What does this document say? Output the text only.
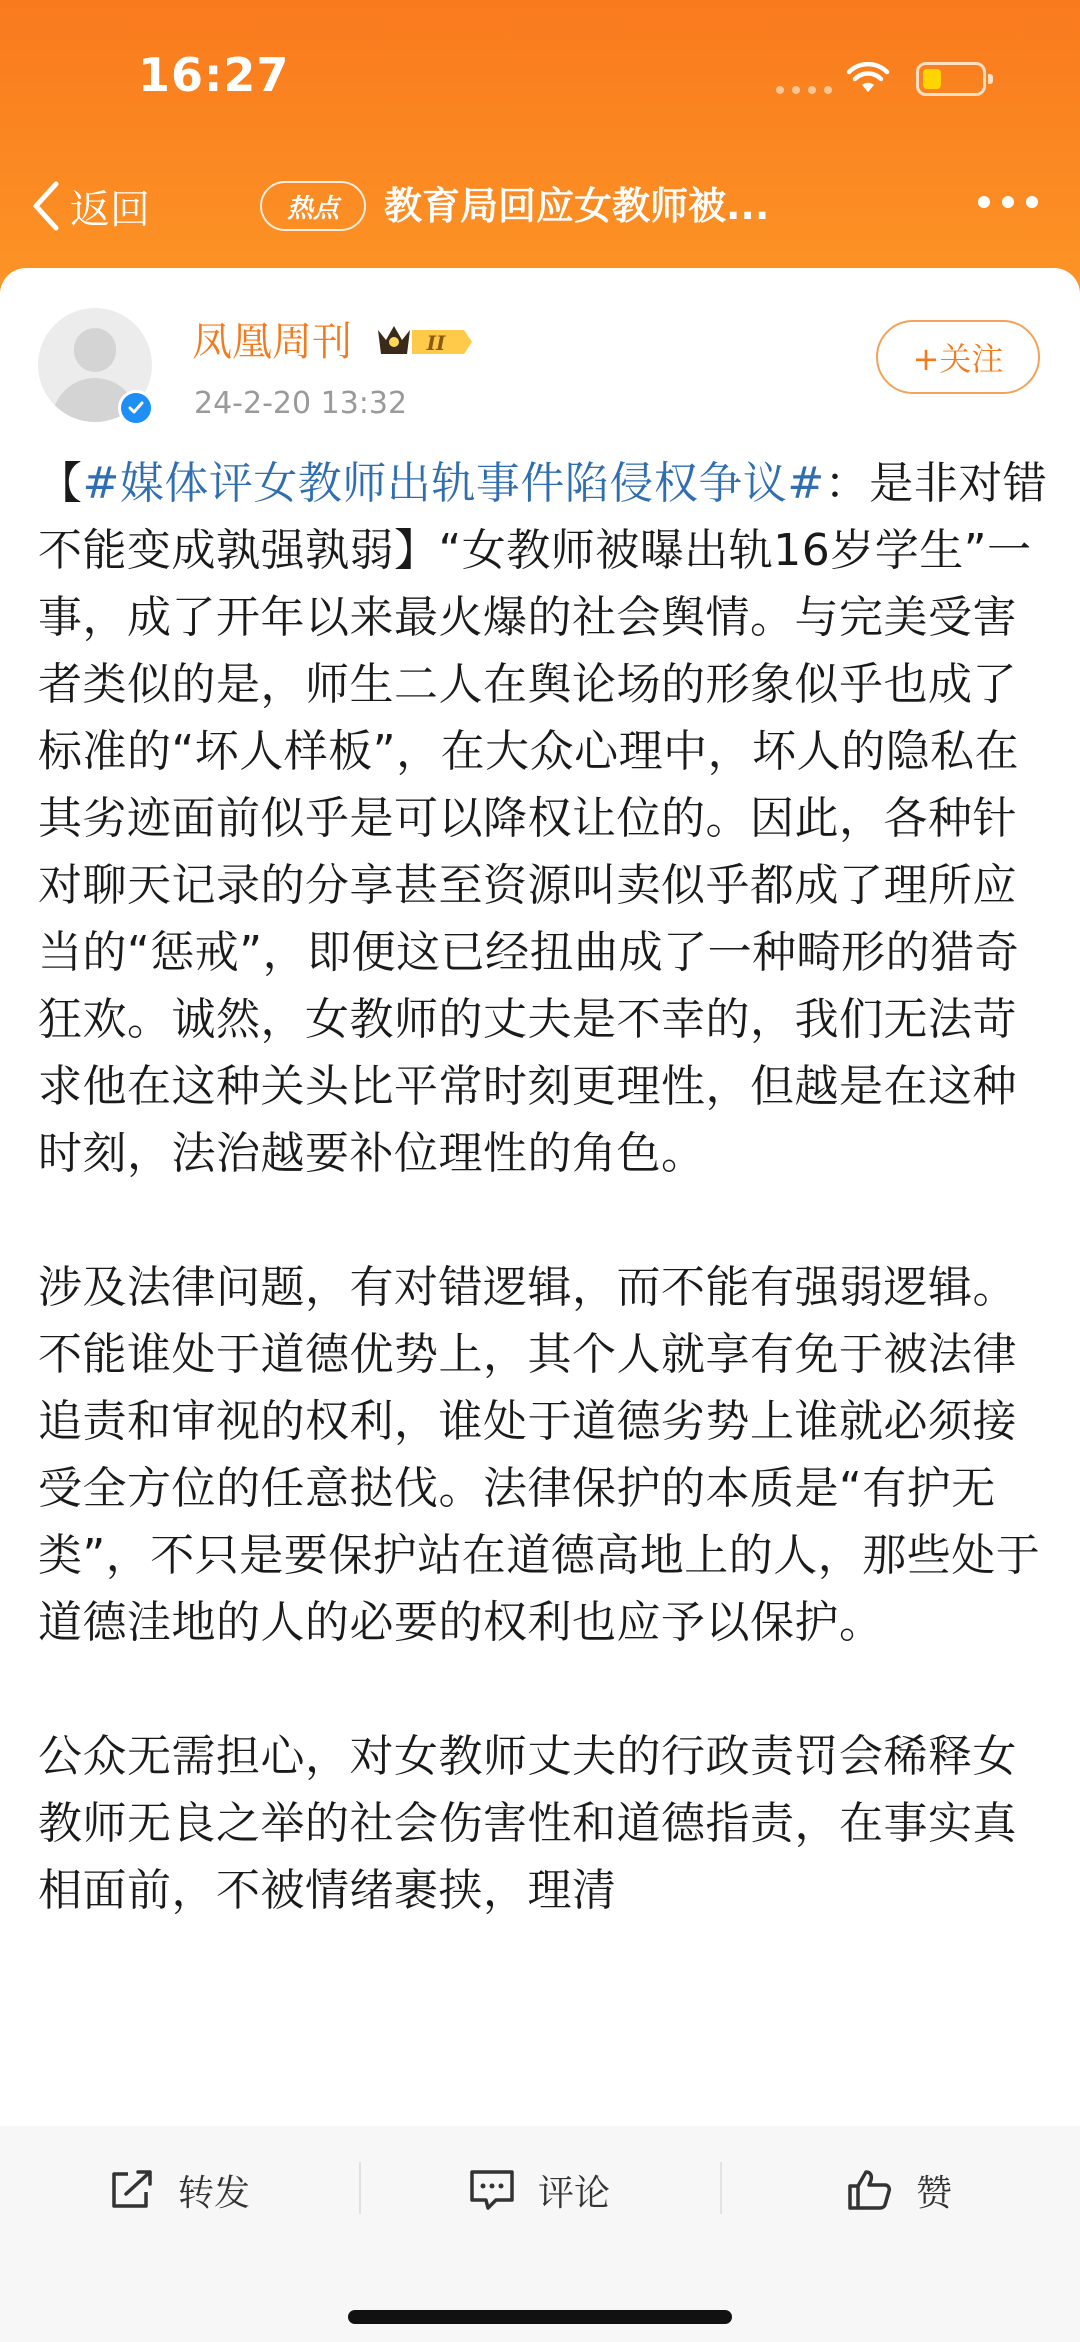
16:27
返回	热点	教育局回应女教师被...
凤凰周刊	II
24-2-20 13:32
+关注

【#媒体评女教师出轨事件陷侵权争议#：是非对错不能变成孰强孰弱】“女教师被曝出轨16岁学生”一事，成了开年以来最火爆的社会舆情。与完美受害者类似的是，师生二人在舆论场的形象似乎也成了标准的“坏人样板”，在大众心理中，坏人的隐私在其劣迹面前似乎是可以降权让位的。因此，各种针对聊天记录的分享甚至资源叫卖似乎都成了理所应当的“惩戒”，即便这已经扭曲成了一种畸形的猎奇狂欢。诚然，女教师的丈夫是不幸的，我们无法苛求他在这种关头比平常时刻更理性，但越是在这种时刻，法治越要补位理性的角色。

涉及法律问题，有对错逻辑，而不能有强弱逻辑。不能谁处于道德优势上，其个人就享有免于被法律追责和审视的权利，谁处于道德劣势上谁就必须接受全方位的任意挞伐。法律保护的本质是“有护无类”，不只是要保护站在道德高地上的人，那些处于道德洼地的人的必要的权利也应予以保护。

公众无需担心，对女教师丈夫的行政责罚会稀释女教师无良之举的社会伤害性和道德指责，在事实真相面前，不被情绪裹挟，理清

转发	评论	赞
